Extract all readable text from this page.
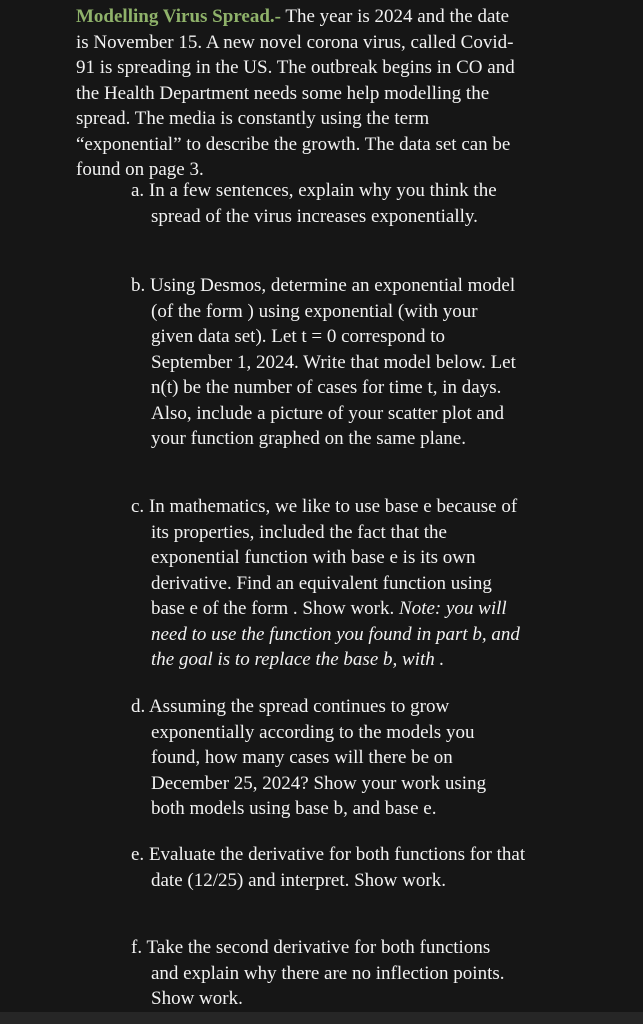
Modelling Virus Spread.- The year is 2024 and the date
is November 15. A new novel corona virus, called Covid-
91 is spreading in the US. The outbreak begins in CO and
the Health Department needs some help modelling the
spread. The media is constantly using the term
“exponential” to describe the growth. The data set can be
found on page 3.
a. In a few sentences, explain why you think the
spread of the virus increases exponentially.
b. Using Desmos, determine an exponential model
(of the form ) using exponential (with your
given data set). Let t = 0 correspond to
September 1, 2024. Write that model below. Let
n(t) be the number of cases for time t, in days.
Also, include a picture of your scatter plot and
your function graphed on the same plane.
c. In mathematics, we like to use base e because of
its properties, included the fact that the
exponential function with base e is its own
derivative. Find an equivalent function using
base e of the form . Show work. Note: you will
need to use the function you found in part b, and
the goal is to replace the base b, with .
d. Assuming the spread continues to grow
exponentially according to the models you
found, how many cases will there be on
December 25, 2024? Show your work using
both models using base b, and base e.
e. Evaluate the derivative for both functions for that
date (12/25) and interpret. Show work.
f. Take the second derivative for both functions
and explain why there are no inflection points.
Show work.
